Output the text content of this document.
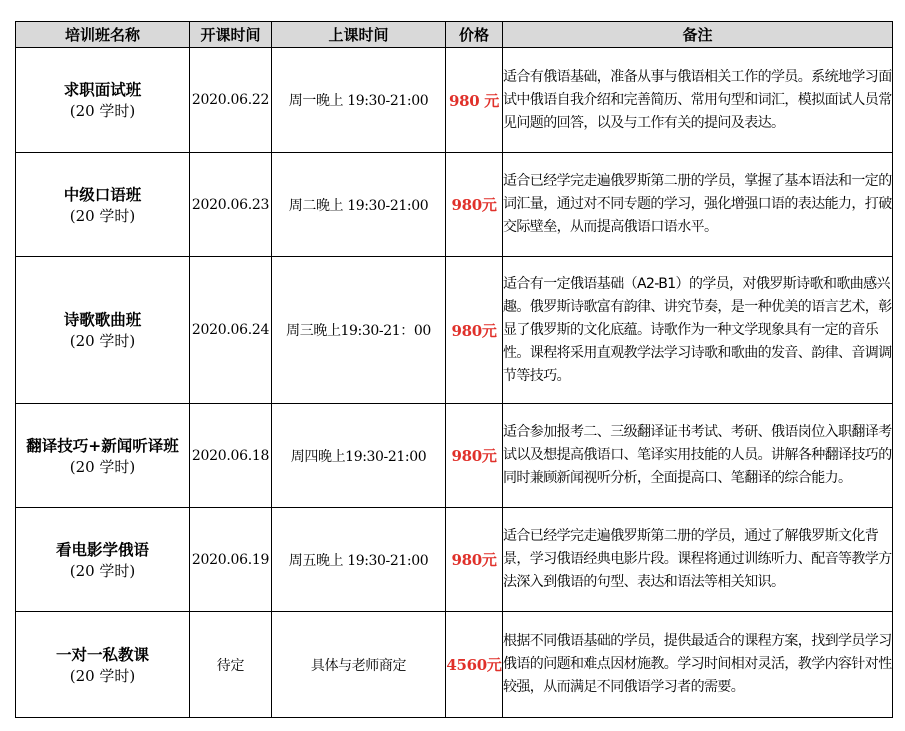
培训班名称	开课时间	上课时间	价格	备注

求职面试班
(20 学时)	2020.06.22	周一晚上 19:30-21:00	980 元	适合有俄语基础，准备从事与俄语相关工作的学员。系统地学习面试中俄语自我介绍和完善简历、常用句型和词汇，模拟面试人员常见问题的回答，以及与工作有关的提问及表达。

中级口语班
(20 学时)	2020.06.23	周二晚上 19:30-21:00	980元	适合已经学完走遍俄罗斯第二册的学员，掌握了基本语法和一定的词汇量，通过对不同专题的学习，强化增强口语的表达能力，打破交际壁垒，从而提高俄语口语水平。

诗歌歌曲班
(20 学时)	2020.06.24	周三晚上19:30-21：00	980元	适合有一定俄语基础（A2-B1）的学员，对俄罗斯诗歌和歌曲感兴趣。俄罗斯诗歌富有韵律、讲究节奏，是一种优美的语言艺术，彰显了俄罗斯的文化底蕴。诗歌作为一种文学现象具有一定的音乐性。课程将采用直观教学法学习诗歌和歌曲的发音、韵律、音调调节等技巧。

翻译技巧+新闻听译班
(20 学时)	2020.06.18	周四晚上19:30-21:00	980元	适合参加报考二、三级翻译证书考试、考研、俄语岗位入职翻译考试以及想提高俄语口、笔译实用技能的人员。讲解各种翻译技巧的同时兼顾新闻视听分析，全面提高口、笔翻译的综合能力。

看电影学俄语
(20 学时)	2020.06.19	周五晚上 19:30-21:00	980元	适合已经学完走遍俄罗斯第二册的学员，通过了解俄罗斯文化背景，学习俄语经典电影片段。课程将通过训练听力、配音等教学方法深入到俄语的句型、表达和语法等相关知识。

一对一私教课
(20 学时)	待定	具体与老师商定	4560元	根据不同俄语基础的学员，提供最适合的课程方案，找到学员学习俄语的问题和难点因材施教。学习时间相对灵活，教学内容针对性较强，从而满足不同俄语学习者的需要。
